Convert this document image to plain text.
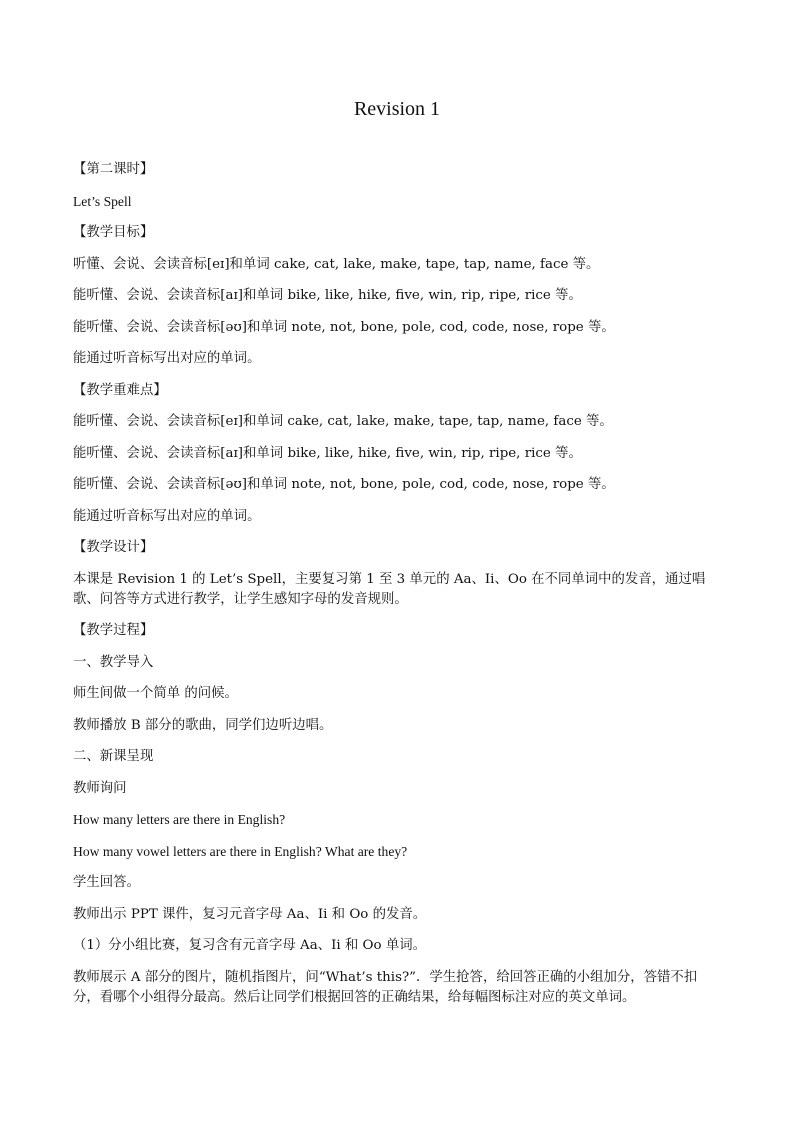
Revision 1

【第二课时】

Let’s Spell

【教学目标】

听懂、会说、会读音标[eɪ]和单词 cake, cat, lake, make, tape, tap, name, face 等。

能听懂、会说、会读音标[aɪ]和单词 bike, like, hike, five, win, rip, ripe, rice 等。

能听懂、会说、会读音标[əʊ]和单词 note, not, bone, pole, cod, code, nose, rope 等。

能通过听音标写出对应的单词。

【教学重难点】

能听懂、会说、会读音标[eɪ]和单词 cake, cat, lake, make, tape, tap, name, face 等。

能听懂、会说、会读音标[aɪ]和单词 bike, like, hike, five, win, rip, ripe, rice 等。

能听懂、会说、会读音标[əʊ]和单词 note, not, bone, pole, cod, code, nose, rope 等。

能通过听音标写出对应的单词。

【教学设计】

本课是 Revision 1 的 Let’s Spell，主要复习第 1 至 3 单元的 Aa、Ii、Oo 在不同单词中的发音，通过唱歌、问答等方式进行教学，让学生感知字母的发音规则。

【教学过程】

一、教学导入

师生间做一个简单 的问候。

教师播放 B 部分的歌曲，同学们边听边唱。

二、新课呈现

教师询问

How many letters are there in English?

How many vowel letters are there in English? What are they?

学生回答。

教师出示 PPT 课件，复习元音字母 Aa、Ii 和 Oo 的发音。

（1）分小组比赛，复习含有元音字母 Aa、Ii 和 Oo 单词。

教师展示 A 部分的图片，随机指图片，问“What’s this?”．学生抢答，给回答正确的小组加分，答错不扣分，看哪个小组得分最高。然后让同学们根据回答的正确结果，给每幅图标注对应的英文单词。
